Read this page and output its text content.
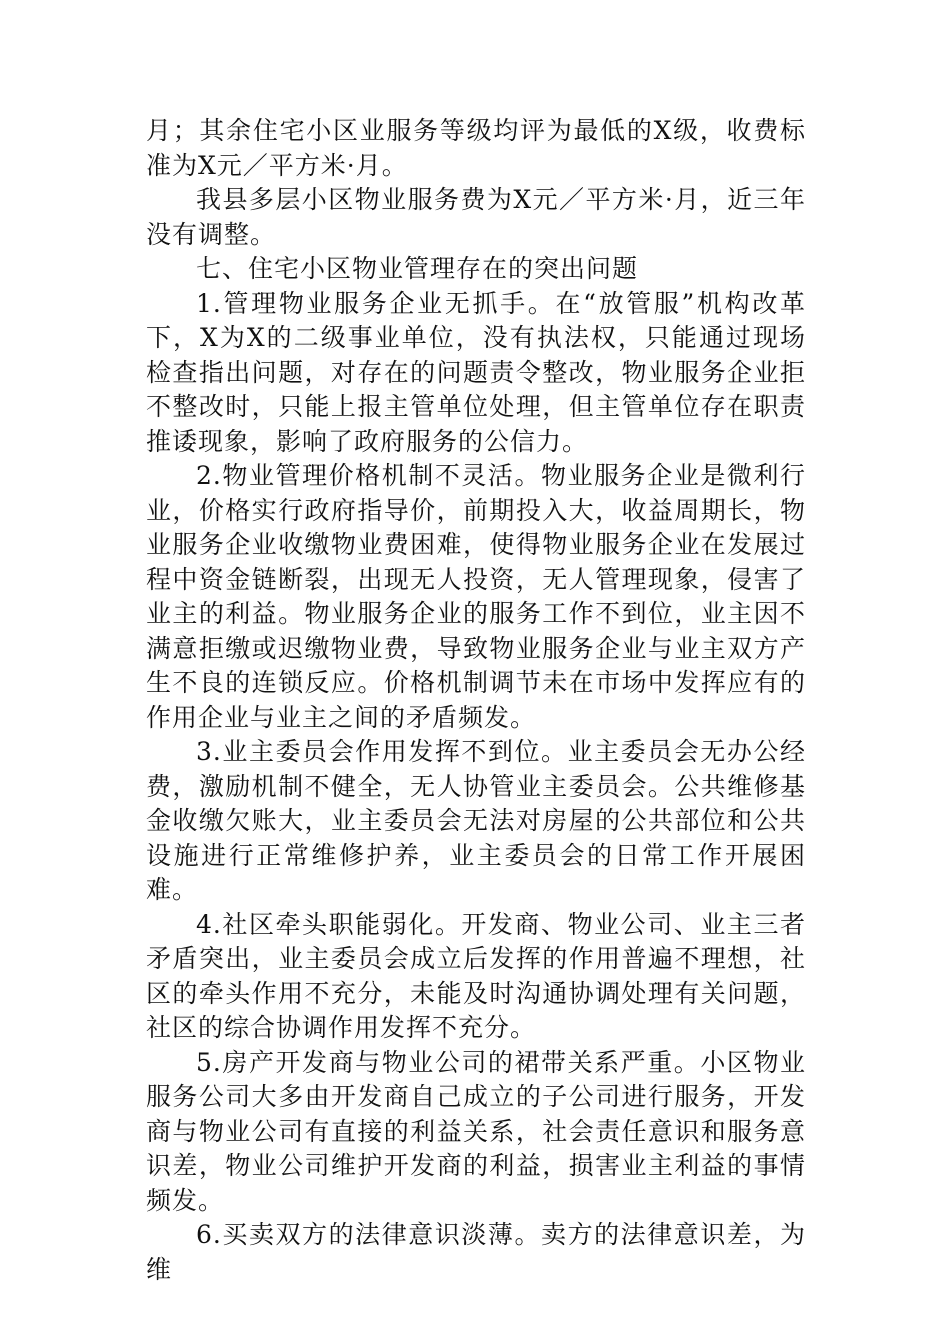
月；其余住宅小区业服务等级均评为最低的X级，收费标准为X元／平方米·月。

我县多层小区物业服务费为X元／平方米·月，近三年没有调整。

七、住宅小区物业管理存在的突出问题

1.管理物业服务企业无抓手。在“放管服”机构改革下，X为X的二级事业单位，没有执法权，只能通过现场检查指出问题，对存在的问题责令整改，物业服务企业拒不整改时，只能上报主管单位处理，但主管单位存在职责推诿现象，影响了政府服务的公信力。

2.物业管理价格机制不灵活。物业服务企业是微利行业，价格实行政府指导价，前期投入大，收益周期长，物业服务企业收缴物业费困难，使得物业服务企业在发展过程中资金链断裂，出现无人投资，无人管理现象，侵害了业主的利益。物业服务企业的服务工作不到位，业主因不满意拒缴或迟缴物业费，导致物业服务企业与业主双方产生不良的连锁反应。价格机制调节未在市场中发挥应有的作用企业与业主之间的矛盾频发。

3.业主委员会作用发挥不到位。业主委员会无办公经费，激励机制不健全，无人协管业主委员会。公共维修基金收缴欠账大，业主委员会无法对房屋的公共部位和公共设施进行正常维修护养，业主委员会的日常工作开展困难。

4.社区牵头职能弱化。开发商、物业公司、业主三者矛盾突出，业主委员会成立后发挥的作用普遍不理想，社区的牵头作用不充分，未能及时沟通协调处理有关问题，社区的综合协调作用发挥不充分。

5.房产开发商与物业公司的裙带关系严重。小区物业服务公司大多由开发商自己成立的子公司进行服务，开发商与物业公司有直接的利益关系，社会责任意识和服务意识差，物业公司维护开发商的利益，损害业主利益的事情频发。

6.买卖双方的法律意识淡薄。卖方的法律意识差，为维
